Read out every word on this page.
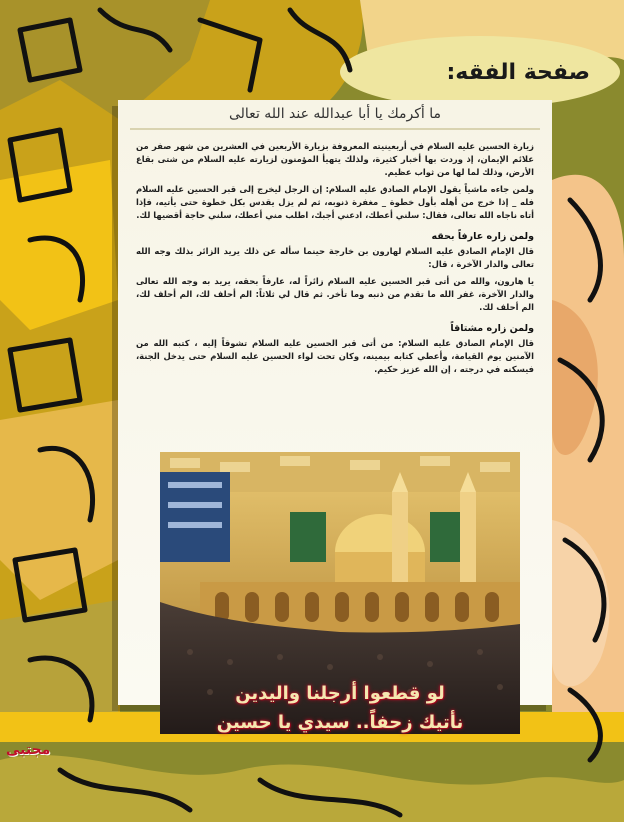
صفحة الفقه:
ما أكرمك يا أبا عبدالله عند الله تعالى

زيارة الحسين عليه السلام في أربعينيته المعروفة بزيارة الأربعين في العشرين من شهر صفر من علائم الإيمان، إذ وردت بها أخبار كثيرة، ولذلك يتهيأ المؤمنون لزيارته عليه السلام من شتى بقاع الأرض، وذلك لما لها من ثواب عظيم.

ولمن جاءه ماشياً يقول الإمام الصادق عليه السلام: إن الرجل ليخرج إلى قبر الحسين عليه السلام فله _ إذا خرج من أهله بأول خطوة _ مغفرة ذنوبه، ثم لم يزل يقدس بكل خطوة حتى يأتيه، فإذا أتاه ناجاه الله تعالى، فقال: سلني أعطك، ادعني أجبك، اطلب مني أعطك، سلني حاجة أقضيها لك.

ولمن زاره عارفاً بحقه

قال الإمام الصادق عليه السلام لهارون بن خارجة حينما سأله عن ذلك يريد الزائر بذلك وجه الله تعالى والدار الآخرة ، قال:

يا هارون، والله من أتى قبر الحسين عليه السلام زائراً له، عارفاً بحقه، يريد به وجه الله تعالى والدار الآخرة، غفر الله ما تقدم من ذنبه وما تأخر. ثم قال لي ثلاثاً: الم أحلف لك، الم أحلف لك، الم أحلف لك.

ولمن زاره مشتاقاً

قال الإمام الصادق عليه السلام: من أتى قبر الحسين عليه السلام تشوقاً إليه ، كتبه الله من الآمنين يوم القيامة، وأعطي كتابه بيمينه، وكان تحت لواء الحسين عليه السلام حتى يدخل الجنة، فيسكنه في درجته ، إن الله عزيز حكيم.

لو قطعوا أرجلنا واليدين
نأتيك زحفاً.. سيدي يا حسين
مجتبى
